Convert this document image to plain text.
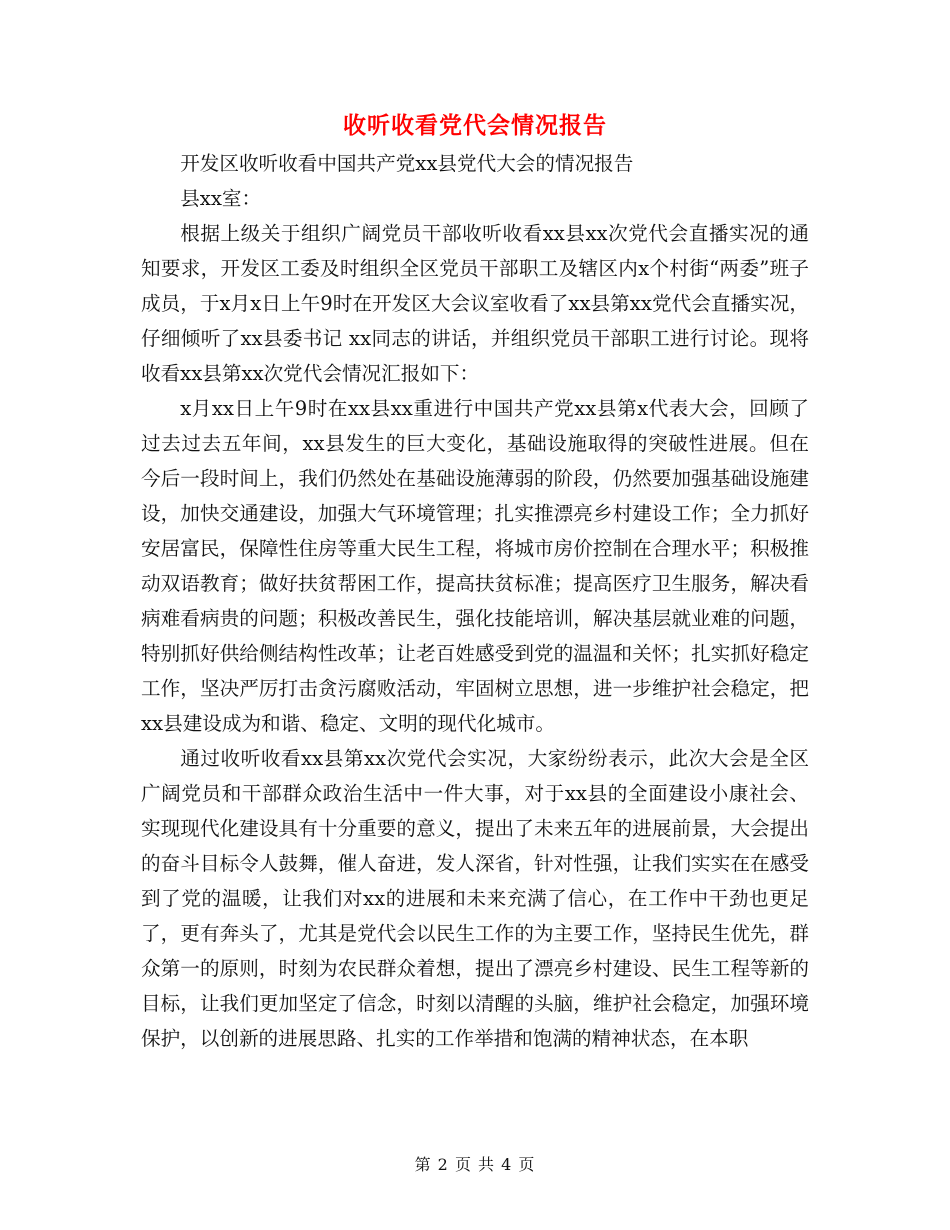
收听收看党代会情况报告

开发区收听收看中国共产党xx县党代大会的情况报告

县xx室：

根据上级关于组织广阔党员干部收听收看xx县xx次党代会直播实况的通知要求，开发区工委及时组织全区党员干部职工及辖区内x个村街“两委”班子成员，于x月x日上午9时在开发区大会议室收看了xx县第xx党代会直播实况，仔细倾听了xx县委书记 xx同志的讲话，并组织党员干部职工进行讨论。现将收看xx县第xx次党代会情况汇报如下：

x月xx日上午9时在xx县xx重进行中国共产党xx县第x代表大会，回顾了过去过去五年间，xx县发生的巨大变化，基础设施取得的突破性进展。但在今后一段时间上，我们仍然处在基础设施薄弱的阶段，仍然要加强基础设施建设，加快交通建设，加强大气环境管理；扎实推漂亮乡村建设工作；全力抓好安居富民，保障性住房等重大民生工程，将城市房价控制在合理水平；积极推动双语教育；做好扶贫帮困工作，提高扶贫标准；提高医疗卫生服务，解决看病难看病贵的问题；积极改善民生，强化技能培训，解决基层就业难的问题，特别抓好供给侧结构性改革；让老百姓感受到党的温温和关怀；扎实抓好稳定工作，坚决严厉打击贪污腐败活动，牢固树立思想，进一步维护社会稳定，把xx县建设成为和谐、稳定、文明的现代化城市。

通过收听收看xx县第xx次党代会实况，大家纷纷表示，此次大会是全区广阔党员和干部群众政治生活中一件大事，对于xx县的全面建设小康社会、实现现代化建设具有十分重要的意义，提出了未来五年的进展前景，大会提出的奋斗目标令人鼓舞，催人奋进，发人深省，针对性强，让我们实实在在感受到了党的温暖，让我们对xx的进展和未来充满了信心，在工作中干劲也更足了，更有奔头了，尤其是党代会以民生工作的为主要工作，坚持民生优先，群众第一的原则，时刻为农民群众着想，提出了漂亮乡村建设、民生工程等新的目标，让我们更加坚定了信念，时刻以清醒的头脑，维护社会稳定，加强环境保护，以创新的进展思路、扎实的工作举措和饱满的精神状态，在本职

第 2 页 共 4 页
